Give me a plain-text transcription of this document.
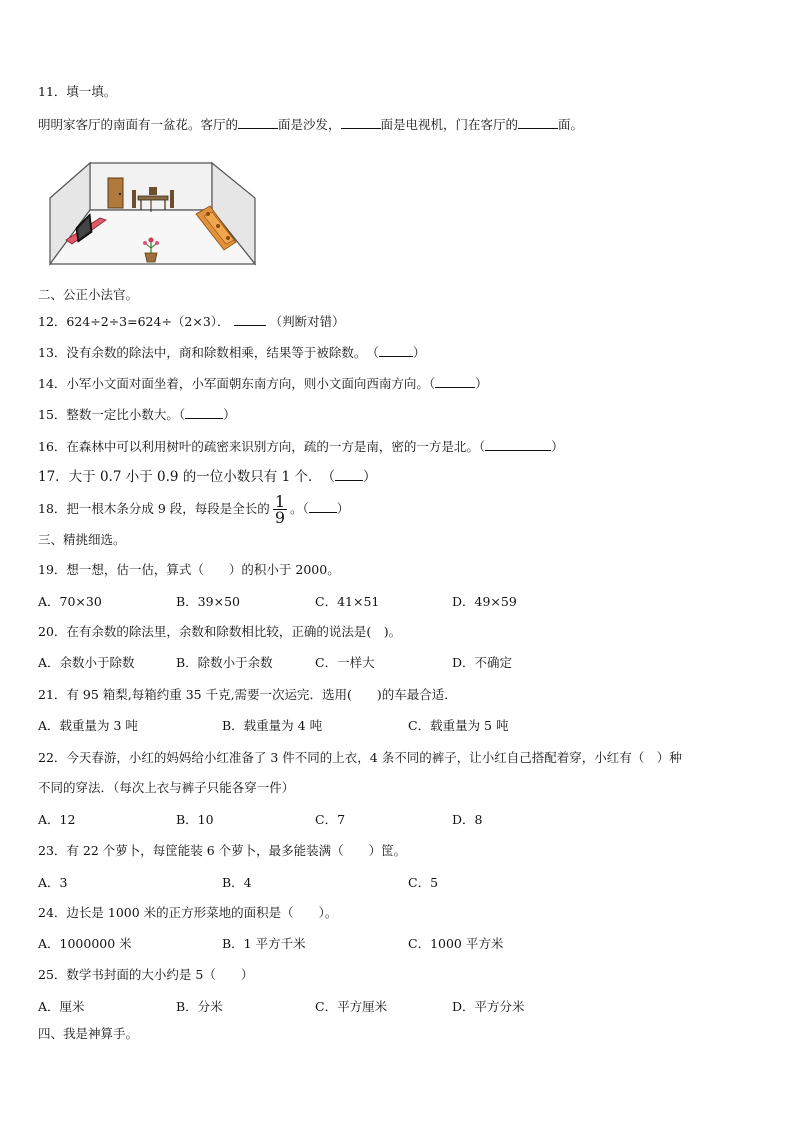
11．填一填。
明明家客厅的南面有一盆花。客厅的	面是沙发，	面是电视机，门在客厅的	面。
二、公正小法官。
12．624÷2÷3=624÷（2×3）．	（判断对错）
13．没有余数的除法中，商和除数相乘，结果等于被除数。　（	）
14．小军小文面对面坐着，小军面朝东南方向，则小文面向西南方向。（	）
15．整数一定比小数大。（	）
16．在森林中可以利用树叶的疏密来识别方向，疏的一方是南，密的一方是北。（	）
17．大于 0.7 小于 0.9 的一位小数只有 1 个．　（ ）
18．把一根木条分成 9 段，每段是全长的 $\frac{1}{9}$ 。（ ）
三、精挑细选。
19．想一想，估一估，算式（　　）的积小于 2000。
A．70×30	B．39×50	C．41×51	D．49×59
20．在有余数的除法里，余数和除数相比较，正确的说法是(　)。
A．余数小于除数	B．除数小于余数	C．一样大	D．不确定
21．有 95 箱梨,每箱约重 35 千克,需要一次运完．选用(　　)的车最合适．
A．载重量为 3 吨	B．载重量为 4 吨	C．载重量为 5 吨
22．今天春游，小红的妈妈给小红准备了 3 件不同的上衣，4 条不同的裤子，让小红自己搭配着穿，小红有（　）种
不同的穿法．（每次上衣与裤子只能各穿一件）
A．12	B．10	C．7	D．8
23．有 22 个萝卜，每筐能装 6 个萝卜，最多能装满（　　）筐。
A．3	B．4	C．5
24．边长是 1000 米的正方形菜地的面积是（　　）。
A．1000000 米	B．1 平方千米	C．1000 平方米
25．数学书封面的大小约是 5（　　）
A．厘米	B．分米	C．平方厘米	D．平方分米
四、我是神算手。
